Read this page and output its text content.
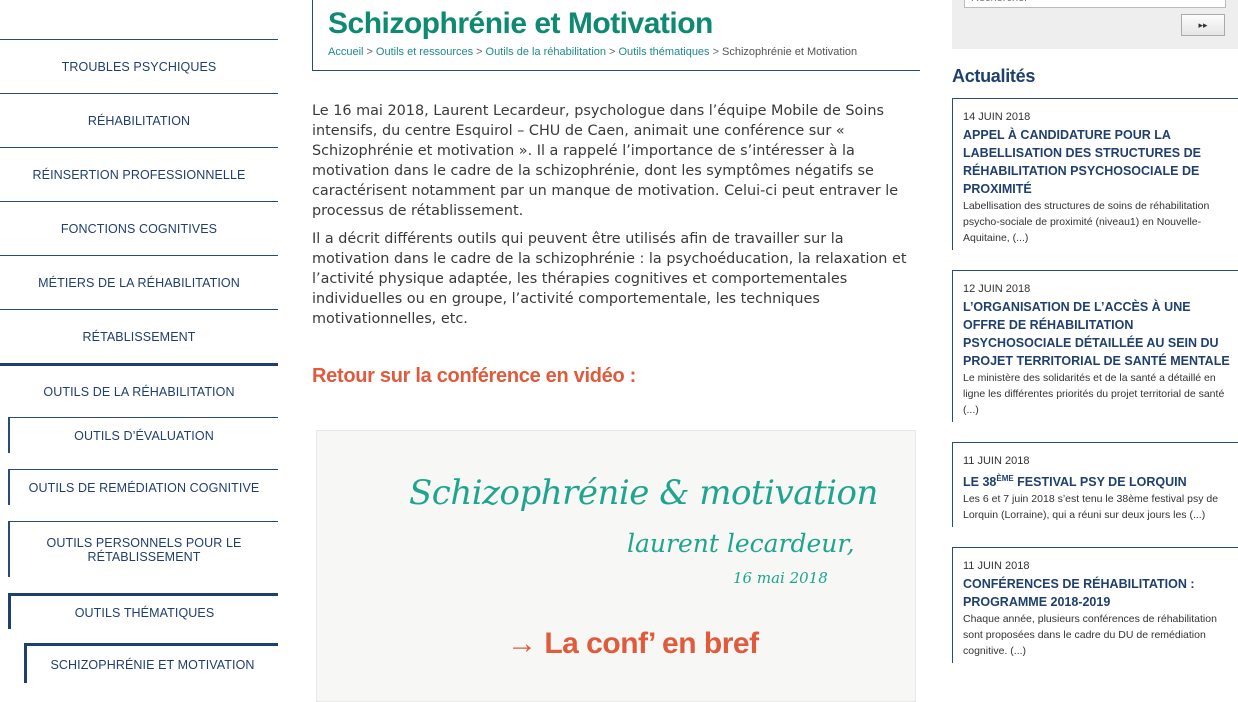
TROUBLES PSYCHIQUES
RÉHABILITATION
RÉINSERTION PROFESSIONNELLE
FONCTIONS COGNITIVES
MÉTIERS DE LA RÉHABILITATION
RÉTABLISSEMENT
OUTILS DE LA RÉHABILITATION
OUTILS D’ÉVALUATION
OUTILS DE REMÉDIATION COGNITIVE
OUTILS PERSONNELS POUR LE RÉTABLISSEMENT
OUTILS THÉMATIQUES
SCHIZOPHRÉNIE ET MOTIVATION
Schizophrénie et Motivation
Accueil > Outils et ressources > Outils de la réhabilitation > Outils thématiques > Schizophrénie et Motivation

Le 16 mai 2018, Laurent Lecardeur, psychologue dans l’équipe Mobile de Soins intensifs, du centre Esquirol – CHU de Caen, animait une conférence sur « Schizophrénie et motivation ». Il a rappelé l’importance de s’intéresser à la motivation dans le cadre de la schizophrénie, dont les symptômes négatifs se caractérisent notamment par un manque de motivation. Celui-ci peut entraver le processus de rétablissement.

Il a décrit différents outils qui peuvent être utilisés afin de travailler sur la motivation dans le cadre de la schizophrénie : la psychoéducation, la relaxation et l’activité physique adaptée, les thérapies cognitives et comportementales individuelles ou en groupe, l’activité comportementale, les techniques motivationnelles, etc.

Retour sur la conférence en vidéo :
Schizophrénie & motivation
laurent lecardeur,
16 mai 2018
→ La conf’ en bref
Rechercher
▸▸
Actualités
14 JUIN 2018
APPEL À CANDIDATURE POUR LA LABELLISATION DES STRUCTURES DE RÉHABILITATION PSYCHOSOCIALE DE PROXIMITÉ
Labellisation des structures de soins de réhabilitation psycho-sociale de proximité (niveau1) en Nouvelle-Aquitaine, (...)
12 JUIN 2018
L’ORGANISATION DE L’ACCÈS À UNE OFFRE DE RÉHABILITATION PSYCHOSOCIALE DÉTAILLÉE AU SEIN DU PROJET TERRITORIAL DE SANTÉ MENTALE
Le ministère des solidarités et de la santé a détaillé en ligne les différentes priorités du projet territorial de santé (...)
11 JUIN 2018
LE 38ÈME FESTIVAL PSY DE LORQUIN
Les 6 et 7 juin 2018 s’est tenu le 38ème festival psy de Lorquin (Lorraine), qui a réuni sur deux jours les (...)
11 JUIN 2018
CONFÉRENCES DE RÉHABILITATION : PROGRAMME 2018-2019
Chaque année, plusieurs conférences de réhabilitation sont proposées dans le cadre du DU de remédiation cognitive. (...)
